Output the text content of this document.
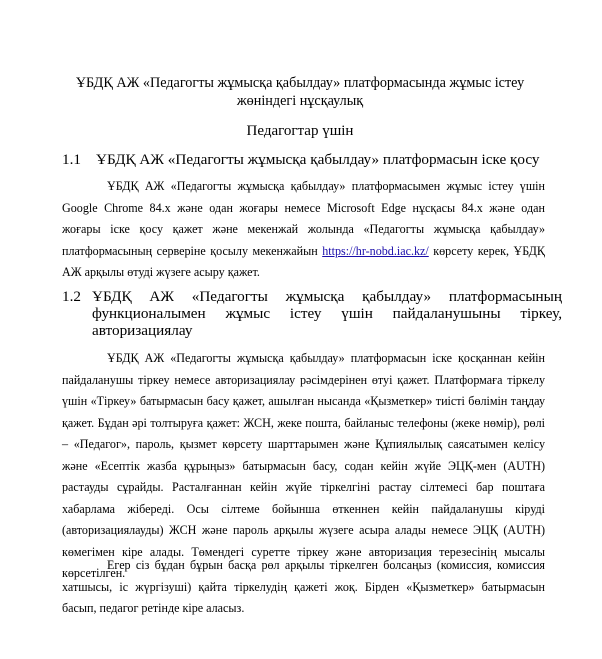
ҰБДҚ АЖ «Педагогты жұмысқа қабылдау» платформасында жұмыс істеу жөніндегі нұсқаулық
Педагогтар үшін
1.1 ҰБДҚ АЖ «Педагогты жұмысқа қабылдау» платформасын іске қосу
ҰБДҚ АЖ «Педагогты жұмысқа қабылдау» платформасымен жұмыс істеу үшін Google Chrome 84.x және одан жоғары немесе Microsoft Edge нұсқасы 84.x және одан жоғары іске қосу қажет және мекенжай жолында «Педагогты жұмысқа қабылдау» платформасының серверіне қосылу мекенжайын https://hr-nobd.iac.kz/ көрсету керек, ҰБДҚ АЖ арқылы өтуді жүзеге асыру қажет.
1.2 ҰБДҚ АЖ «Педагогты жұмысқа қабылдау» платформасының функционалымен жұмыс істеу үшін пайдаланушыны тіркеу, авторизациялау
ҰБДҚ АЖ «Педагогты жұмысқа қабылдау» платформасын іске қосқаннан кейін пайдаланушы тіркеу немесе авторизациялау рәсімдерінен өтуі қажет. Платформаға тіркелу үшін «Тіркеу» батырмасын басу қажет, ашылған нысанда «Қызметкер» тиісті бөлімін таңдау қажет. Бұдан әрі толтыруға қажет: ЖСН, жеке пошта, байланыс телефоны (жеке нөмір), рөлі – «Педагог», пароль, қызмет көрсету шарттарымен және Құпиялылық саясатымен келісу және «Есептік жазба құрыңыз» батырмасын басу, содан кейін жүйе ЭЦҚ-мен (AUTH) растауды сұрайды. Расталғаннан кейін жүйе тіркелгіні растау сілтемесі бар поштаға хабарлама жібереді. Осы сілтеме бойынша өткеннен кейін пайдаланушы кіруді (авторизациялауды) ЖСН және пароль арқылы жүзеге асыра алады немесе ЭЦҚ (AUTH) көмегімен кіре алады. Төмендегі суретте тіркеу және авторизация терезесінің мысалы көрсетілген.
Егер сіз бұдан бұрын басқа рөл арқылы тіркелген болсаңыз (комиссия, комиссия хатшысы, іс жүргізуші) қайта тіркелудің қажеті жоқ. Бірден «Қызметкер» батырмасын басып, педагог ретінде кіре аласыз.
